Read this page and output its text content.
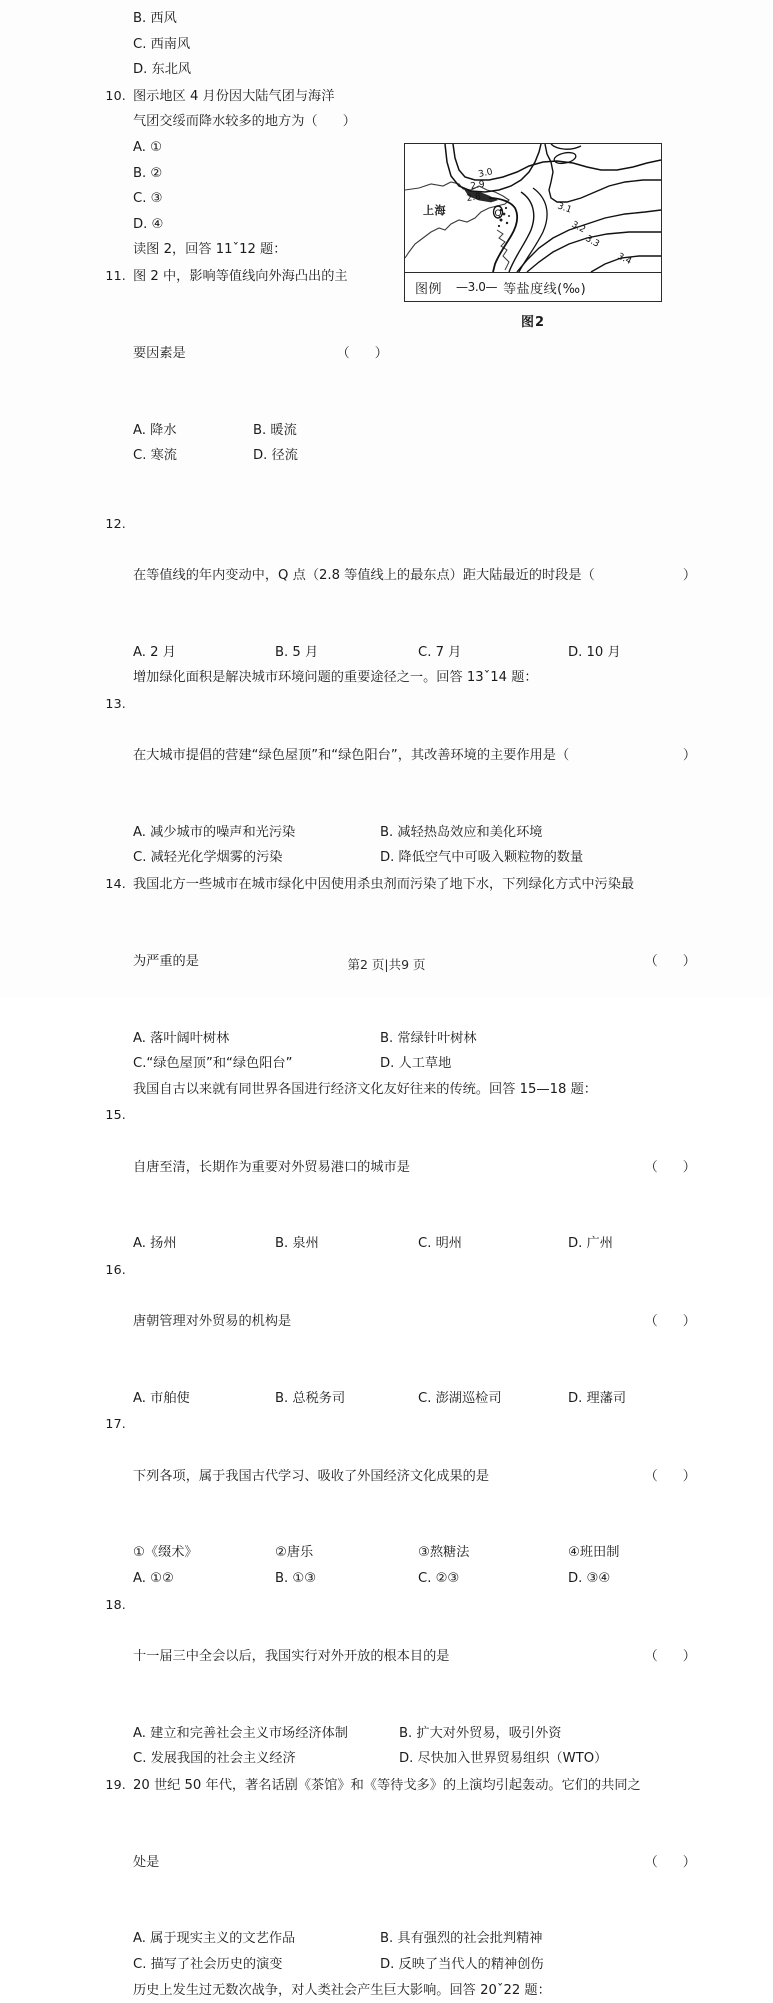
B. 西风
C. 西南风
D. 东北风
10. 图示地区 4 月份因大陆气团与海洋
气团交绥而降水较多的地方为（      ）
A. ①
B. ②
C. ③
D. ④
读图 2，回答 11ˇ12 题：
11. 图 2 中，影响等值线向外海凸出的主

要因素是	（      ）

A. 降水	B. 暖流
C. 寒流	D. 径流
12.

在等值线的年内变动中，Q 点（2.8 等值线上的最东点）距大陆最近的时段是（	）

A. 2 月	B. 5 月	C. 7 月	D. 10 月
增加绿化面积是解决城市环境问题的重要途径之一。回答 13ˇ14 题：
13.

在大城市提倡的营建“绿色屋顶”和“绿色阳台”，其改善环境的主要作用是（	）

A. 减少城市的噪声和光污染	B. 减轻热岛效应和美化环境
C. 减轻光化学烟雾的污染	D. 降低空气中可吸入颗粒物的数量
14. 我国北方一些城市在城市绿化中因使用杀虫剂而污染了地下水，下列绿化方式中污染最

为严重的是	（      ）

A. 落叶阔叶树林	B. 常绿针叶树林
C.“绿色屋顶”和“绿色阳台”	D. 人工草地
我国自古以来就有同世界各国进行经济文化友好往来的传统。回答 15—18 题：
15.

自唐至清，长期作为重要对外贸易港口的城市是	（      ）

A. 扬州	B. 泉州	C. 明州	D. 广州
16.

唐朝管理对外贸易的机构是	（      ）

A. 市舶使	B. 总税务司	C. 澎湖巡检司	D. 理藩司
17.

下列各项，属于我国古代学习、吸收了外国经济文化成果的是	（      ）

①《缀术》	②唐乐	③熬糖法	④班田制
A. ①②	B. ①③	C. ②③	D. ③④
18.

十一届三中全会以后，我国实行对外开放的根本目的是	（      ）

A. 建立和完善社会主义市场经济体制	B. 扩大对外贸易，吸引外资
C. 发展我国的社会主义经济	D. 尽快加入世界贸易组织（WTO）
19. 20 世纪 50 年代，著名话剧《茶馆》和《等待戈多》的上演均引起轰动。它们的共同之

处是	（      ）

A. 属于现实主义的文艺作品	B. 具有强烈的社会批判精神
C. 描写了社会历史的演变	D. 反映了当代人的精神创伤
历史上发生过无数次战争，对人类社会产生巨大影响。回答 20ˇ22 题：
3.0
2.9
2.8
Q	3.1
3.2
3.3
3.4
上海
图例 —3.0— 等盐度线(‰)
图2
第2 页|共9 页
